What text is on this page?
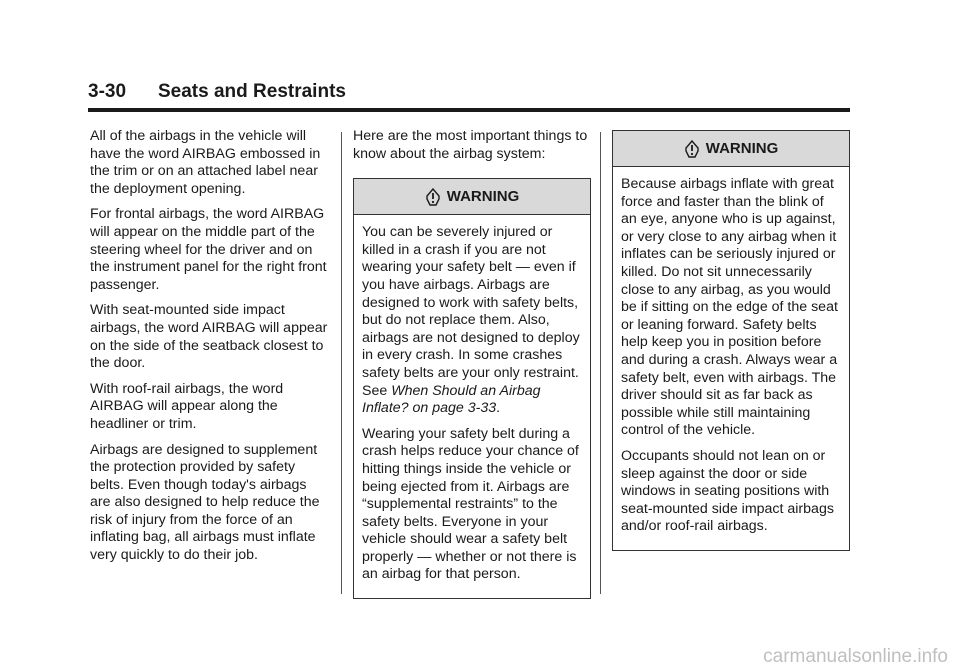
3-30 Seats and Restraints

All of the airbags in the vehicle will have the word AIRBAG embossed in the trim or on an attached label near the deployment opening.

For frontal airbags, the word AIRBAG will appear on the middle part of the steering wheel for the driver and on the instrument panel for the right front passenger.

With seat-mounted side impact airbags, the word AIRBAG will appear on the side of the seatback closest to the door.

With roof-rail airbags, the word AIRBAG will appear along the headliner or trim.

Airbags are designed to supplement the protection provided by safety belts. Even though today's airbags are also designed to help reduce the risk of injury from the force of an inflating bag, all airbags must inflate very quickly to do their job.

Here are the most important things to know about the airbag system:

WARNING

You can be severely injured or killed in a crash if you are not wearing your safety belt — even if you have airbags. Airbags are designed to work with safety belts, but do not replace them. Also, airbags are not designed to deploy in every crash. In some crashes safety belts are your only restraint. See When Should an Airbag Inflate? on page 3-33.

Wearing your safety belt during a crash helps reduce your chance of hitting things inside the vehicle or being ejected from it. Airbags are “supplemental restraints” to the safety belts. Everyone in your vehicle should wear a safety belt properly — whether or not there is an airbag for that person.

WARNING

Because airbags inflate with great force and faster than the blink of an eye, anyone who is up against, or very close to any airbag when it inflates can be seriously injured or killed. Do not sit unnecessarily close to any airbag, as you would be if sitting on the edge of the seat or leaning forward. Safety belts help keep you in position before and during a crash. Always wear a safety belt, even with airbags. The driver should sit as far back as possible while still maintaining control of the vehicle.

Occupants should not lean on or sleep against the door or side windows in seating positions with seat-mounted side impact airbags and/or roof-rail airbags.

carmanualsonline.info
